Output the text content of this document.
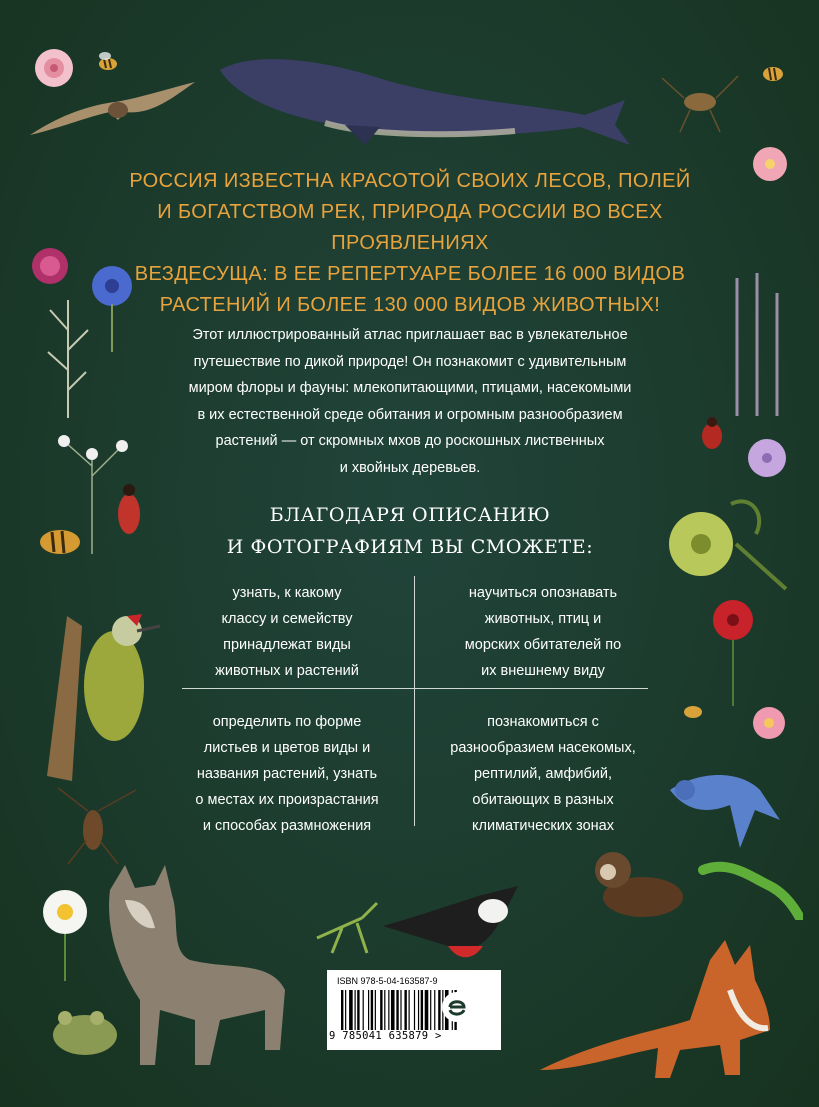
РОССИЯ ИЗВЕСТНА КРАСОТОЙ СВОИХ ЛЕСОВ, ПОЛЕЙ
И БОГАТСТВОМ РЕК, ПРИРОДА РОССИИ ВО ВСЕХ ПРОЯВЛЕНИЯХ
ВЕЗДЕСУЩА: В ЕЕ РЕПЕРТУАРЕ БОЛЕЕ 16 000 ВИДОВ
РАСТЕНИЙ И БОЛЕЕ 130 000 ВИДОВ ЖИВОТНЫХ!
Этот иллюстрированный атлас приглашает вас в увлекательное
путешествие по дикой природе! Он познакомит с удивительным
миром флоры и фауны: млекопитающими, птицами, насекомыми
в их естественной среде обитания и огромным разнообразием
растений — от скромных мхов до роскошных лиственных
и хвойных деревьев.
БЛАГОДАРЯ ОПИСАНИЮ
И ФОТОГРАФИЯМ ВЫ СМОЖЕТЕ:
узнать, к какому
классу и семейству
принадлежат виды
животных и растений
научиться опознавать
животных, птиц и
морских обитателей по
их внешнему виду
определить по форме
листьев и цветов виды и
названия растений, узнать
о местах их произрастания
и способах размножения
познакомиться с
разнообразием насекомых,
рептилий, амфибий,
обитающих в разных
климатических зонах
ISBN 978-5-04-163587-9
9 785041 635879 >
